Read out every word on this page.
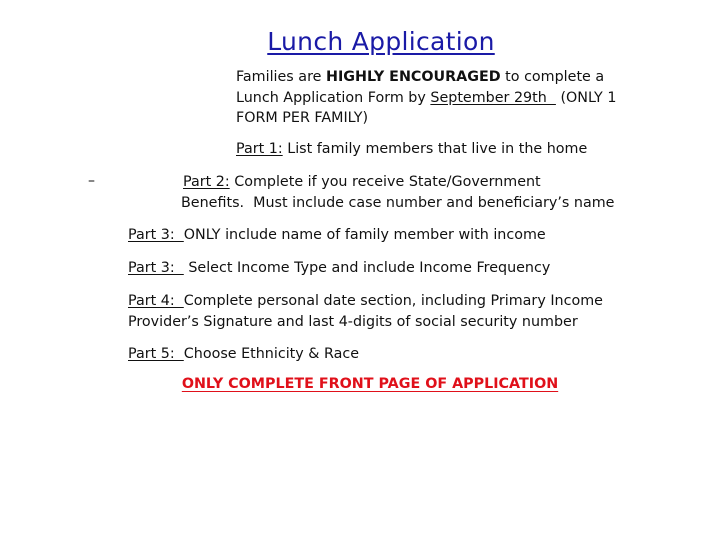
Lunch Application
Families are HIGHLY ENCOURAGED to complete a
Lunch Application Form by September 29th   (ONLY 1
FORM PER FAMILY)
Part 1: List family members that live in the home
–	Part 2: Complete if you receive State/Government
Benefits.  Must include case number and beneficiary’s name
Part 3:  ONLY include name of family member with income
Part 3:   Select Income Type and include Income Frequency
Part 4:  Complete personal date section, including Primary Income
Provider’s Signature and last 4-digits of social security number
Part 5:  Choose Ethnicity & Race
ONLY COMPLETE FRONT PAGE OF APPLICATION
